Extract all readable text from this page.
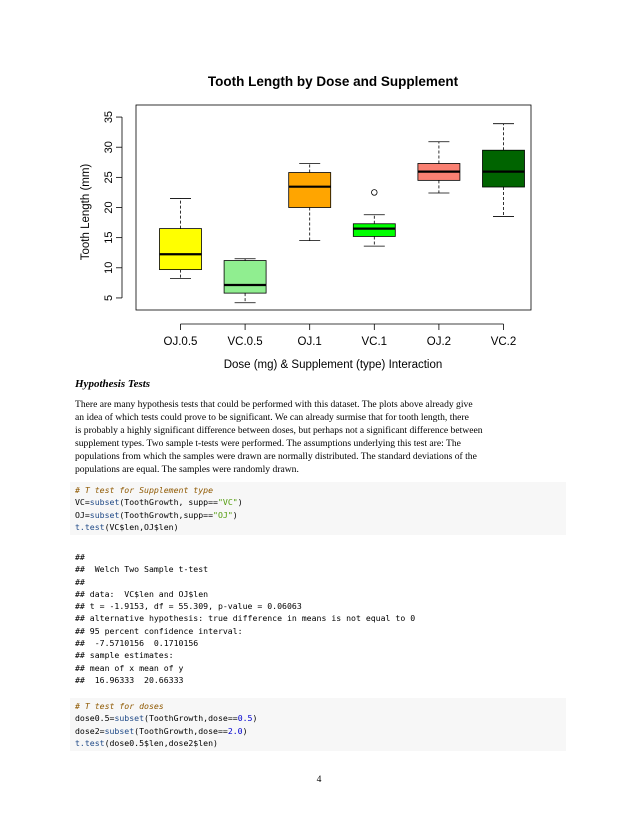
Tooth Length by Dose and Supplement
5
10
15
20
25
30
35
OJ.0.5	VC.0.5	OJ.1	VC.1	OJ.2	VC.2
Dose (mg) & Supplement (type) Interaction
Tooth Length (mm)
Hypothesis Tests
There are many hypothesis tests that could be performed with this dataset. The plots above already give
an idea of which tests could prove to be significant. We can already surmise that for tooth length, there
is probably a highly significant difference between doses, but perhaps not a significant difference between
supplement types. Two sample t-tests were performed. The assumptions underlying this test are: The
populations from which the samples were drawn are normally distributed. The standard deviations of the
populations are equal. The samples were randomly drawn.
# T test for Supplement type
VC=subset(ToothGrowth, supp=="VC")
OJ=subset(ToothGrowth,supp=="OJ")
t.test(VC$len,OJ$len)
##
##  Welch Two Sample t-test
##
## data:  VC$len and OJ$len
## t = -1.9153, df = 55.309, p-value = 0.06063
## alternative hypothesis: true difference in means is not equal to 0
## 95 percent confidence interval:
##  -7.5710156  0.1710156
## sample estimates:
## mean of x mean of y
##  16.96333  20.66333
# T test for doses
dose0.5=subset(ToothGrowth,dose==0.5)
dose2=subset(ToothGrowth,dose==2.0)
t.test(dose0.5$len,dose2$len)
4
